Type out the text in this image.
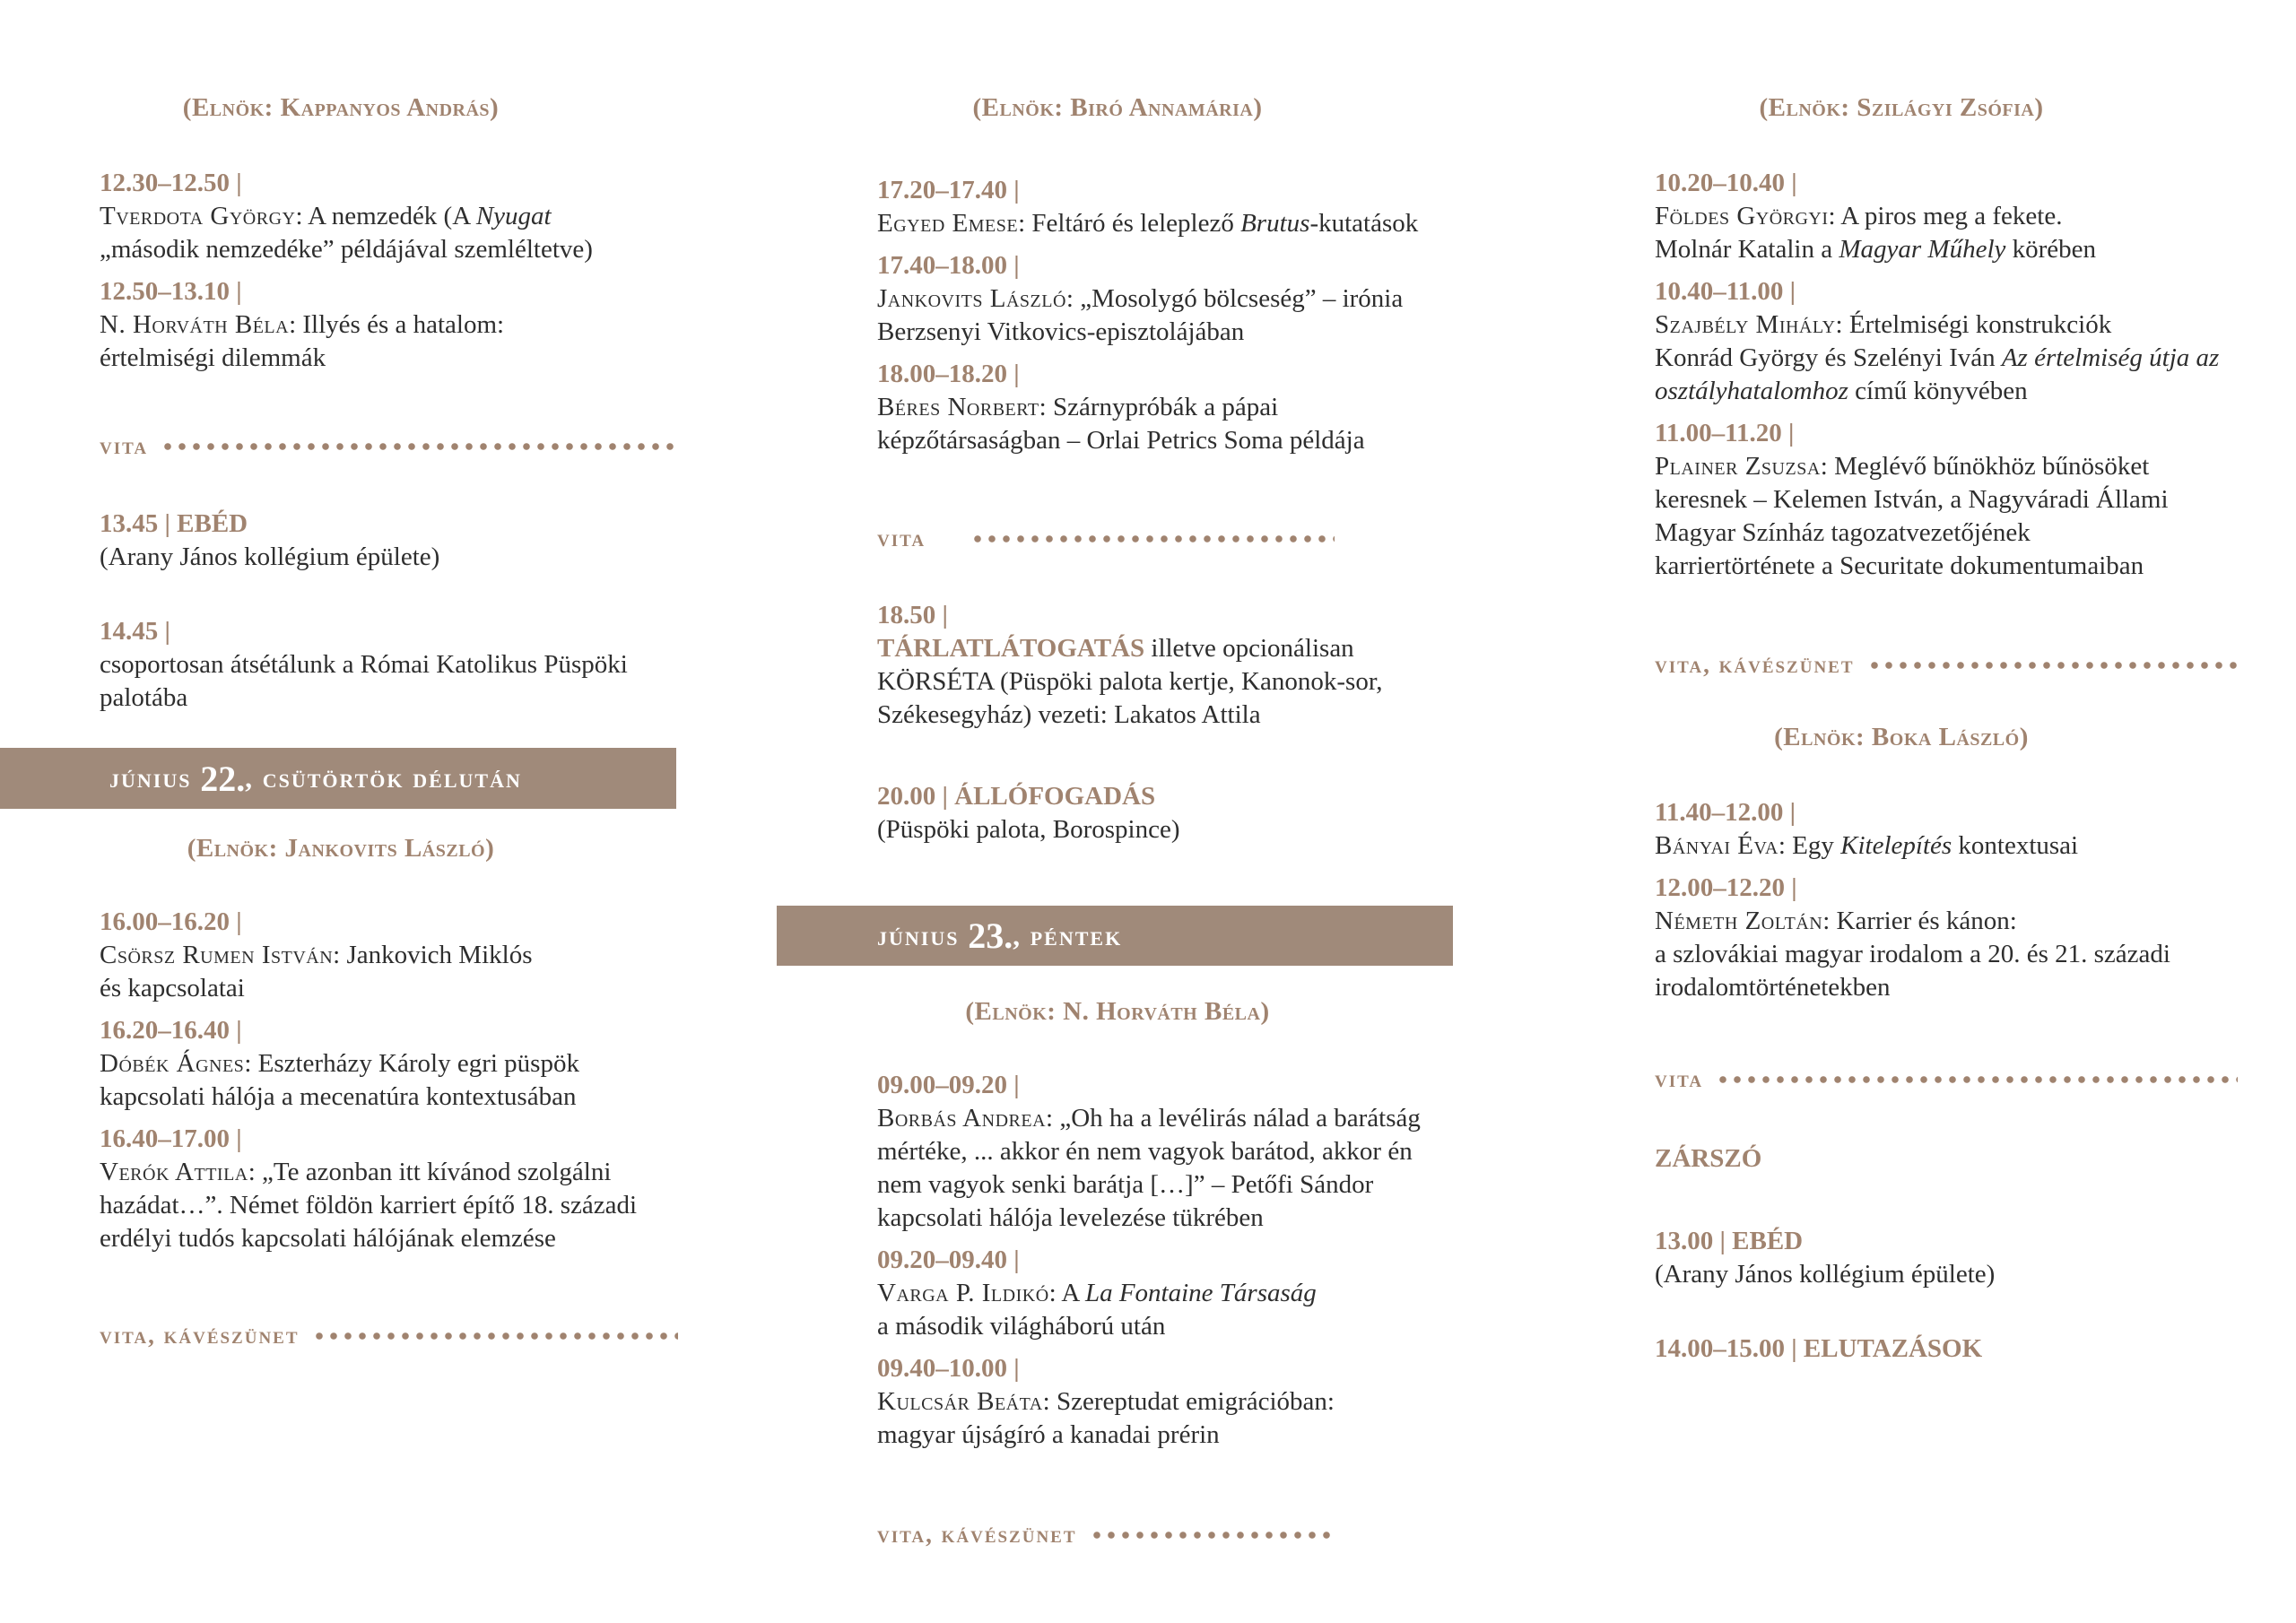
(Elnök: Kappanyos András)

12.30–12.50 |

Tverdota György: A nemzedék (A Nyugat
„második nemzedéke” példájával szemléltetve)

12.50–13.10 |

N. Horváth Béla: Illyés és a hatalom:
értelmiségi dilemmák

vita

13.45 | EBÉD

(Arany János kollégium épülete)

14.45 |

csoportosan átsétálunk a Római Katolikus Püspöki
palotába

június
22. , csütörtök délután
(Elnök: Jankovits László)

16.00–16.20 |

Csörsz Rumen István: Jankovich Miklós
és kapcsolatai

16.20–16.40 |

Dóbék Ágnes: Eszterházy Károly egri püspök
kapcsolati hálója a mecenatúra kontextusában

16.40–17.00 |

Verók Attila: „Te azonban itt kívánod szolgálni
hazádat…”. Német földön karriert építő 18. századi
erdélyi tudós kapcsolati hálójának elemzése

vita, kávészünet
(Elnök: Biró Annamária)

17.20–17.40 |

Egyed Emese: Feltáró és leleplező Brutus-kutatások

17.40–18.00 |

Jankovits László: „Mosolygó bölcseség” – irónia
Berzsenyi Vitkovics-episztolájában

18.00–18.20 |

Béres Norbert: Szárnypróbák a pápai
képzőtársaságban – Orlai Petrics Soma példája

vita

18.50 |

TÁRLATLÁTOGATÁS illetve opcionálisan
KÖRSÉTA (Püspöki palota kertje, Kanonok-sor,
Székesegyház) vezeti: Lakatos Attila

20.00 | ÁLLÓFOGADÁS

(Püspöki palota, Borospince)

június
23. , péntek
(Elnök: N. Horváth Béla)

09.00–09.20 |

Borbás Andrea: „Oh ha a levélirás nálad a barátság
mértéke, ... akkor én nem vagyok barátod, akkor én
nem vagyok senki barátja […]” – Petőfi Sándor
kapcsolati hálója levelezése tükrében

09.20–09.40 |

Varga P. Ildikó: A La Fontaine Társaság
a második világháború után

09.40–10.00 |

Kulcsár Beáta: Szereptudat emigrációban:
magyar újságíró a kanadai prérin

vita, kávészünet
(Elnök: Szilágyi Zsófia)

10.20–10.40 |

Földes Györgyi: A piros meg a fekete.
Molnár Katalin a Magyar Műhely körében

10.40–11.00 |

Szajbély Mihály: Értelmiségi konstrukciók
Konrád György és Szelényi Iván Az értelmiség útja az
osztályhatalomhoz című könyvében

11.00–11.20 |

Plainer Zsuzsa: Meglévő bűnökhöz bűnösöket
keresnek – Kelemen István, a Nagyváradi Állami
Magyar Színház tagozatvezetőjének
karriertörténete a Securitate dokumentumaiban

vita, kávészünet
(Elnök: Boka László)

11.40–12.00 |

Bányai Éva: Egy Kitelepítés kontextusai

12.00–12.20 |

Németh Zoltán: Karrier és kánon:
a szlovákiai magyar irodalom a 20. és 21. századi
irodalomtörténetekben

vita

ZÁRSZÓ

13.00 | EBÉD

(Arany János kollégium épülete)

14.00–15.00 | ELUTAZÁSOK
